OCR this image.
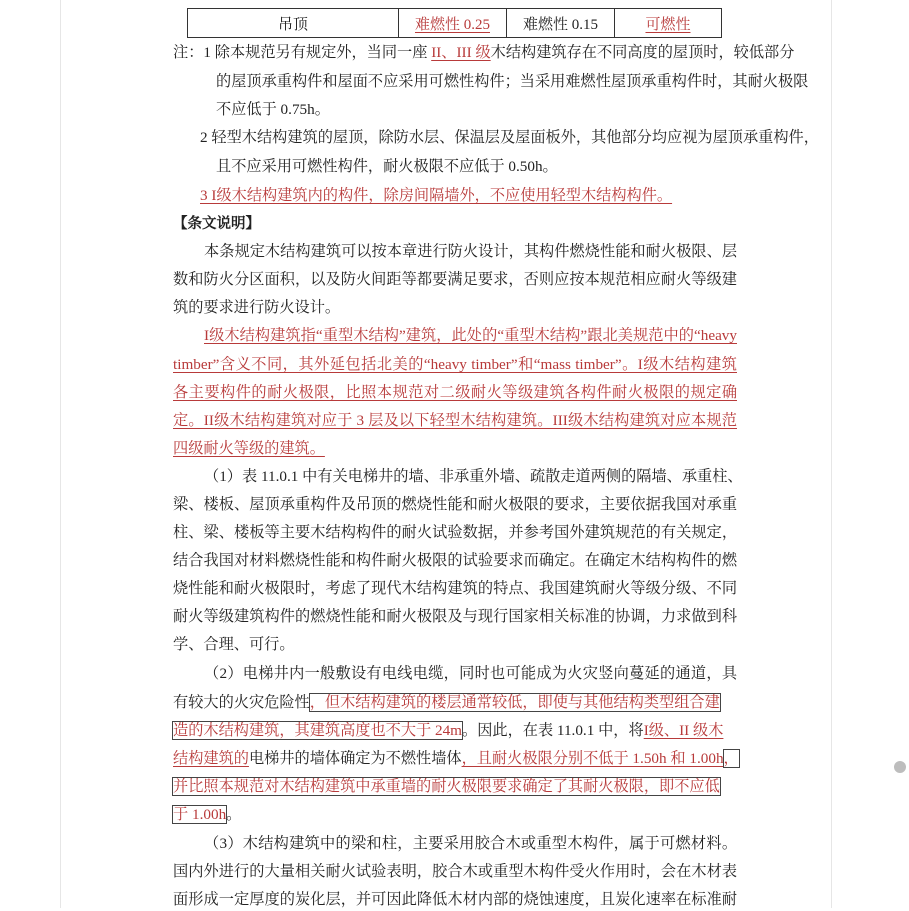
吊顶	难燃性 0.25	难燃性 0.15	可燃性
注：1 除本规范另有规定外，当同一座 II、III 级木结构建筑存在不同高度的屋顶时，较低部分
的屋顶承重构件和屋面不应采用可燃性构件；当采用难燃性屋顶承重构件时，其耐火极限
不应低于 0.75h。
2 轻型木结构建筑的屋顶，除防水层、保温层及屋面板外，其他部分均应视为屋顶承重构件，
且不应采用可燃性构件，耐火极限不应低于 0.50h。
3 I级木结构建筑内的构件，除房间隔墙外，不应使用轻型木结构构件。
【条文说明】
本条规定木结构建筑可以按本章进行防火设计，其构件燃烧性能和耐火极限、层
数和防火分区面积，以及防火间距等都要满足要求，否则应按本规范相应耐火等级建
筑的要求进行防火设计。
I级木结构建筑指“重型木结构”建筑，此处的“重型木结构”跟北美规范中的“heavy
timber”含义不同，其外延包括北美的“heavy timber”和“mass timber”。I级木结构建筑
各主要构件的耐火极限，比照本规范对二级耐火等级建筑各构件耐火极限的规定确
定。II级木结构建筑对应于 3 层及以下轻型木结构建筑。III级木结构建筑对应本规范
四级耐火等级的建筑。
（1）表 11.0.1 中有关电梯井的墙、非承重外墙、疏散走道两侧的隔墙、承重柱、
梁、楼板、屋顶承重构件及吊顶的燃烧性能和耐火极限的要求，主要依据我国对承重
柱、梁、楼板等主要木结构构件的耐火试验数据，并参考国外建筑规范的有关规定，
结合我国对材料燃烧性能和构件耐火极限的试验要求而确定。在确定木结构构件的燃
烧性能和耐火极限时，考虑了现代木结构建筑的特点、我国建筑耐火等级分级、不同
耐火等级建筑构件的燃烧性能和耐火极限及与现行国家相关标准的协调，力求做到科
学、合理、可行。
（2）电梯井内一般敷设有电线电缆，同时也可能成为火灾竖向蔓延的通道，具
有较大的火灾危险性，但木结构建筑的楼层通常较低，即使与其他结构类型组合建
造的木结构建筑，其建筑高度也不大于 24m。因此，在表 11.0.1 中，将I级、II 级木
结构建筑的电梯井的墙体确定为不燃性墙体，且耐火极限分别不低于 1.50h 和 1.00h，
并比照本规范对木结构建筑中承重墙的耐火极限要求确定了其耐火极限，即不应低
于 1.00h。
（3）木结构建筑中的梁和柱，主要采用胶合木或重型木构件，属于可燃材料。
国内外进行的大量相关耐火试验表明，胶合木或重型木构件受火作用时，会在木材表
面形成一定厚度的炭化层，并可因此降低木材内部的烧蚀速度，且炭化速率在标准耐
